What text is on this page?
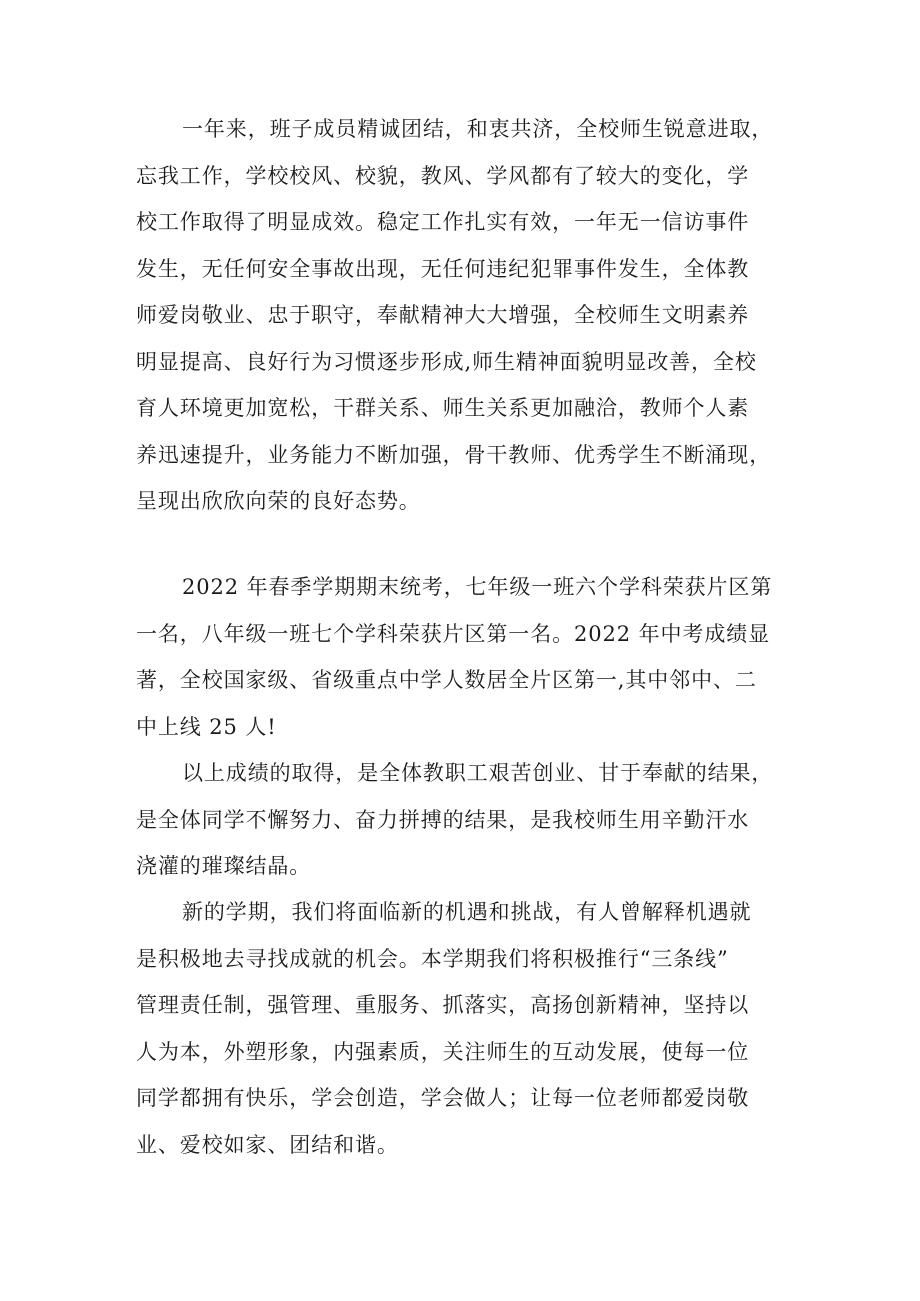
一年来，班子成员精诚团结，和衷共济，全校师生锐意进取，
忘我工作，学校校风、校貌，教风、学风都有了较大的变化，学
校工作取得了明显成效。稳定工作扎实有效，一年无一信访事件
发生，无任何安全事故出现，无任何违纪犯罪事件发生，全体教
师爱岗敬业、忠于职守，奉献精神大大增强，全校师生文明素养
明显提高、良好行为习惯逐步形成,师生精神面貌明显改善，全校
育人环境更加宽松，干群关系、师生关系更加融洽，教师个人素
养迅速提升，业务能力不断加强，骨干教师、优秀学生不断涌现，
呈现出欣欣向荣的良好态势。
2022 年春季学期期末统考，七年级一班六个学科荣获片区第
一名，八年级一班七个学科荣获片区第一名。2022 年中考成绩显
著，全校国家级、省级重点中学人数居全片区第一,其中邻中、二
中上线 25 人!
以上成绩的取得，是全体教职工艰苦创业、甘于奉献的结果，
是全体同学不懈努力、奋力拼搏的结果，是我校师生用辛勤汗水
浇灌的璀璨结晶。
新的学期，我们将面临新的机遇和挑战，有人曾解释机遇就
是积极地去寻找成就的机会。本学期我们将积极推行“三条线”
管理责任制，强管理、重服务、抓落实，高扬创新精神，坚持以
人为本，外塑形象，内强素质，关注师生的互动发展，使每一位
同学都拥有快乐，学会创造，学会做人；让每一位老师都爱岗敬
业、爱校如家、团结和谐。
